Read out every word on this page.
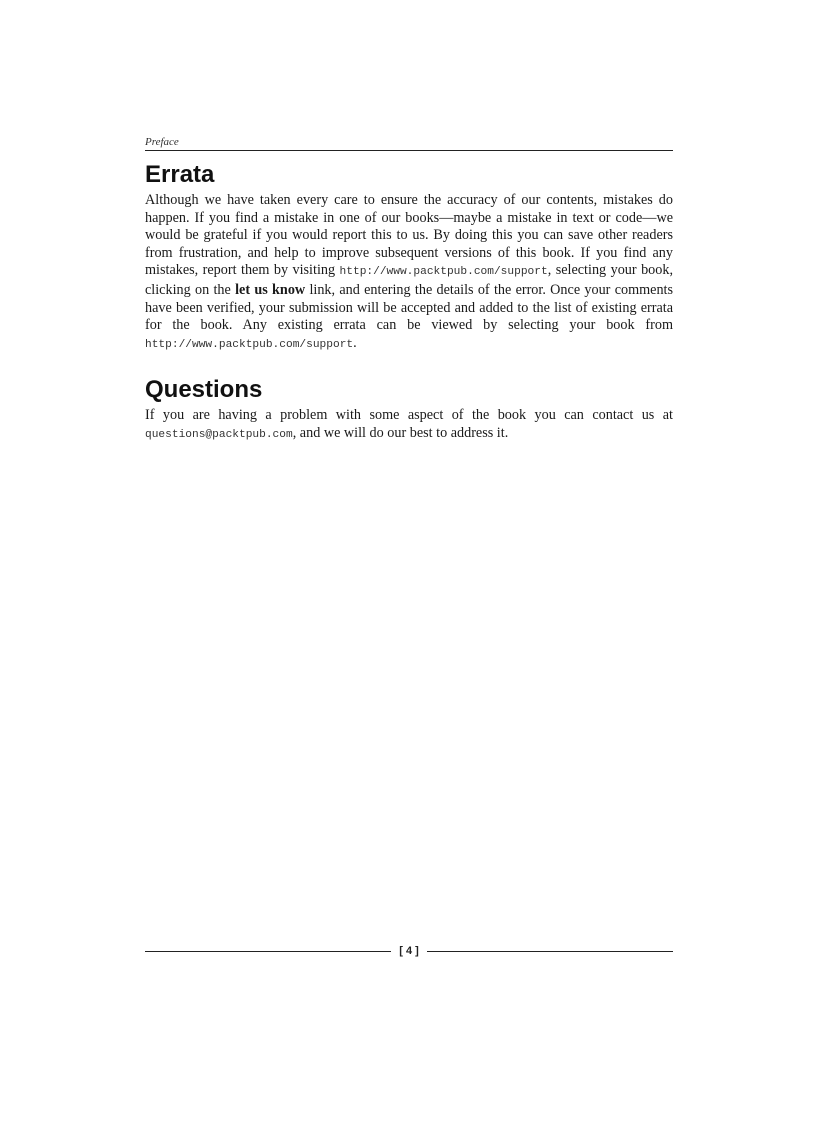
Preface
Errata

Although we have taken every care to ensure the accuracy of our contents, mistakes do happen. If you find a mistake in one of our books—maybe a mistake in text or code—we would be grateful if you would report this to us. By doing this you can save other readers from frustration, and help to improve subsequent versions of this book. If you find any mistakes, report them by visiting http://www.packtpub.com/support, selecting your book, clicking on the let us know link, and entering the details of the error. Once your comments have been verified, your submission will be accepted and added to the list of existing errata for the book. Any existing errata can be viewed by selecting your book from http://www.packtpub.com/support.

Questions

If you are having a problem with some aspect of the book you can contact us at questions@packtpub.com, and we will do our best to address it.

[ 4 ]
